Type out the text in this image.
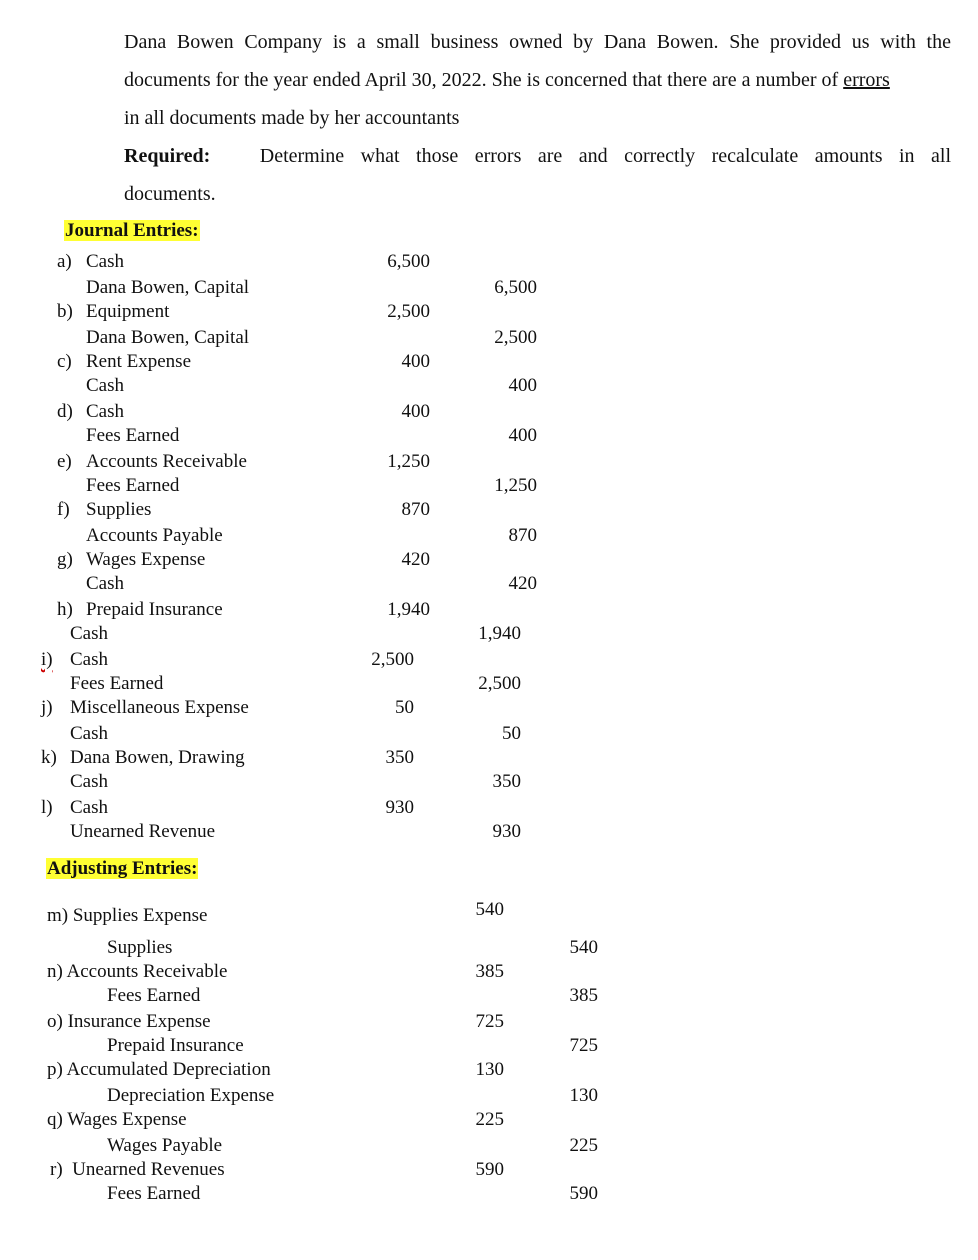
Dana Bowen Company is a small business owned by Dana Bowen. She provided us with the
documents for the year ended April 30, 2022. She is concerned that there are a number of errors
in all documents made by her accountants
Required: Determine what those errors are and correctly recalculate amounts in all
documents.
Journal Entries:
a) Cash	6,500
Dana Bowen, Capital	6,500
b) Equipment	2,500
Dana Bowen, Capital	2,500
c) Rent Expense	400
Cash	400
d) Cash	400
Fees Earned	400
e) Accounts Receivable	1,250
Fees Earned	1,250
f) Supplies	870
Accounts Payable	870
g) Wages Expense	420
Cash	420
h) Prepaid Insurance	1,940
Cash	1,940
i) Cash	2,500
Fees Earned	2,500
j) Miscellaneous Expense	50
Cash	50
k) Dana Bowen, Drawing	350
Cash	350
l) Cash	930
Unearned Revenue	930
Adjusting Entries:
m) Supplies Expense	540
Supplies	540
n) Accounts Receivable	385
Fees Earned	385
o) Insurance Expense	725
Prepaid Insurance	725
p) Accumulated Depreciation	130
Depreciation Expense	130
q) Wages Expense	225
Wages Payable	225
r) Unearned Revenues	590
Fees Earned	590
